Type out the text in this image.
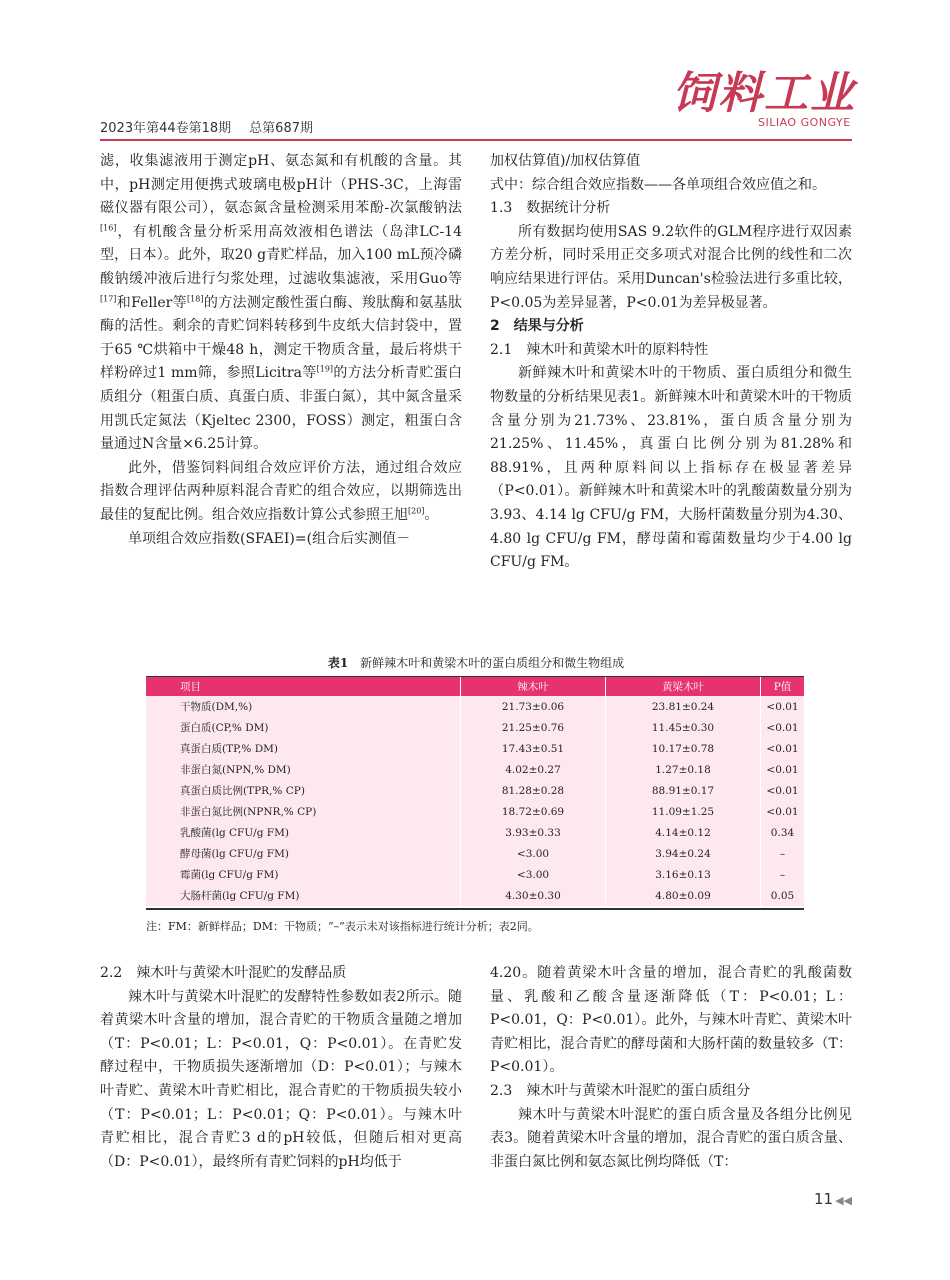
饲料工业
SILIAO GONGYE
2023年第44卷第18期 总第687期

滤，收集滤液用于测定pH、氨态氮和有机酸的含量。其中，pH测定用便携式玻璃电极pH计（PHS-3C，上海雷磁仪器有限公司），氨态氮含量检测采用苯酚-次氯酸钠法[16]，有机酸含量分析采用高效液相色谱法（岛津LC-14型，日本）。此外，取20 g青贮样品，加入100 mL预冷磷酸钠缓冲液后进行匀浆处理，过滤收集滤液，采用Guo等[17]和Feller等[18]的方法测定酸性蛋白酶、羧肽酶和氨基肽酶的活性。剩余的青贮饲料转移到牛皮纸大信封袋中，置于65 ℃烘箱中干燥48 h，测定干物质含量，最后将烘干样粉碎过1 mm筛，参照Licitra等[19]的方法分析青贮蛋白质组分（粗蛋白质、真蛋白质、非蛋白氮），其中氮含量采用凯氏定氮法（Kjeltec 2300，FOSS）测定，粗蛋白含量通过N含量×6.25计算。

此外，借鉴饲料间组合效应评价方法，通过组合效应指数合理评估两种原料混合青贮的组合效应，以期筛选出最佳的复配比例。组合效应指数计算公式参照王旭[20]。

单项组合效应指数(SFAEI)=(组合后实测值－

加权估算值)/加权估算值

式中：综合组合效应指数——各单项组合效应值之和。

1.3　数据统计分析

所有数据均使用SAS 9.2软件的GLM程序进行双因素方差分析，同时采用正交多项式对混合比例的线性和二次响应结果进行评估。采用Duncan's检验法进行多重比较，P<0.05为差异显著，P<0.01为差异极显著。

2　结果与分析

2.1　辣木叶和黄梁木叶的原料特性

新鲜辣木叶和黄梁木叶的干物质、蛋白质组分和微生物数量的分析结果见表1。新鲜辣木叶和黄梁木叶的干物质含量分别为21.73%、23.81%，蛋白质含量分别为21.25%、11.45%，真蛋白比例分别为81.28%和88.91%，且两种原料间以上指标存在极显著差异（P<0.01）。新鲜辣木叶和黄梁木叶的乳酸菌数量分别为3.93、4.14 lg CFU/g FM，大肠杆菌数量分别为4.30、4.80 lg CFU/g FM，酵母菌和霉菌数量均少于4.00 lg CFU/g FM。

表1 新鲜辣木叶和黄梁木叶的蛋白质组分和微生物组成
项目	辣木叶	黄梁木叶	P值
干物质(DM,%)	21.73±0.06	23.81±0.24	<0.01
蛋白质(CP,% DM)	21.25±0.76	11.45±0.30	<0.01
真蛋白质(TP,% DM)	17.43±0.51	10.17±0.78	<0.01
非蛋白氮(NPN,% DM)	4.02±0.27	1.27±0.18	<0.01
真蛋白质比例(TPR,% CP)	81.28±0.28	88.91±0.17	<0.01
非蛋白氮比例(NPNR,% CP)	18.72±0.69	11.09±1.25	<0.01
乳酸菌(lg CFU/g FM)	3.93±0.33	4.14±0.12	0.34
酵母菌(lg CFU/g FM)	<3.00	3.94±0.24	–
霉菌(lg CFU/g FM)	<3.00	3.16±0.13	–
大肠杆菌(lg CFU/g FM)	4.30±0.30	4.80±0.09	0.05
注：FM：新鲜样品；DM：干物质；“–”表示未对该指标进行统计分析；表2同。

2.2　辣木叶与黄梁木叶混贮的发酵品质

辣木叶与黄梁木叶混贮的发酵特性参数如表2所示。随着黄梁木叶含量的增加，混合青贮的干物质含量随之增加（T：P<0.01；L：P<0.01，Q：P<0.01）。在青贮发酵过程中，干物质损失逐渐增加（D：P<0.01）；与辣木叶青贮、黄梁木叶青贮相比，混合青贮的干物质损失较小（T：P<0.01；L：P<0.01；Q：P<0.01）。与辣木叶青贮相比，混合青贮3 d的pH较低，但随后相对更高（D：P<0.01），最终所有青贮饲料的pH均低于

4.20。随着黄梁木叶含量的增加，混合青贮的乳酸菌数量、乳酸和乙酸含量逐渐降低（T：P<0.01；L：P<0.01，Q：P<0.01）。此外，与辣木叶青贮、黄梁木叶青贮相比，混合青贮的酵母菌和大肠杆菌的数量较多（T：P<0.01）。

2.3　辣木叶与黄梁木叶混贮的蛋白质组分

辣木叶与黄梁木叶混贮的蛋白质含量及各组分比例见表3。随着黄梁木叶含量的增加，混合青贮的蛋白质含量、非蛋白氮比例和氨态氮比例均降低（T：

11 ◀◀
